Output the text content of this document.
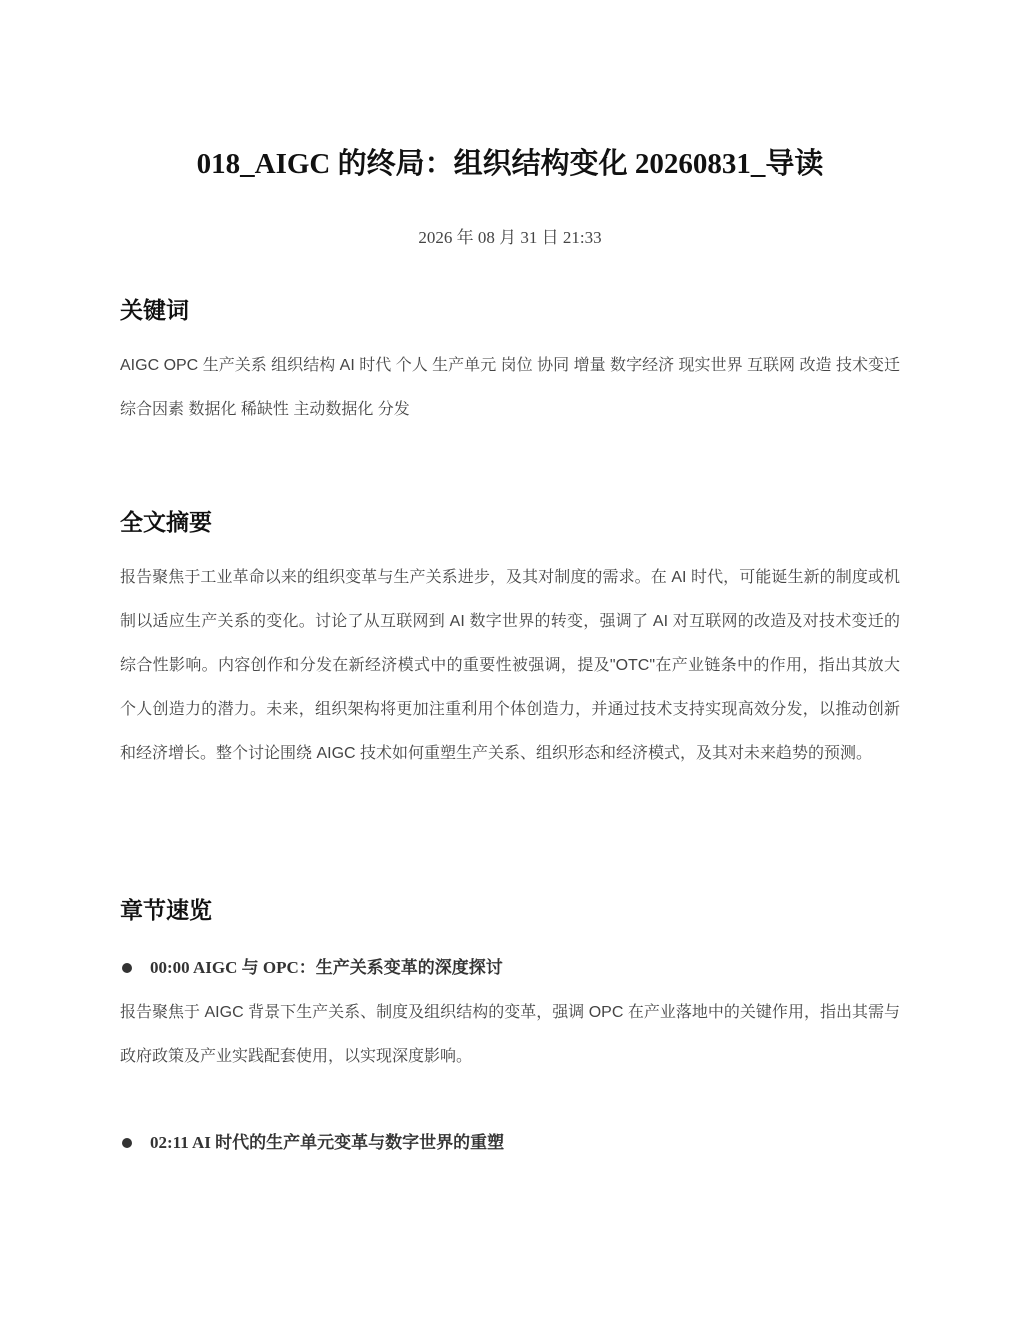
018_AIGC 的终局：组织结构变化 20260831_导读
2026 年 08 月 31 日 21:33
关键词

AIGC OPC 生产关系 组织结构 AI 时代 个人 生产单元 岗位 协同 增量 数字经济 现实世界 互联网 改造 技术变迁 综合因素 数据化 稀缺性 主动数据化 分发

全文摘要

报告聚焦于工业革命以来的组织变革与生产关系进步，及其对制度的需求。在 AI 时代，可能诞生新的制度或机制以适应生产关系的变化。讨论了从互联网到 AI 数字世界的转变，强调了 AI 对互联网的改造及对技术变迁的综合性影响。内容创作和分发在新经济模式中的重要性被强调，提及"OTC"在产业链条中的作用，指出其放大个人创造力的潜力。未来，组织架构将更加注重利用个体创造力，并通过技术支持实现高效分发，以推动创新和经济增长。整个讨论围绕 AIGC 技术如何重塑生产关系、组织形态和经济模式，及其对未来趋势的预测。

章节速览
00:00 AIGC 与 OPC：生产关系变革的深度探讨

报告聚焦于 AIGC 背景下生产关系、制度及组织结构的变革，强调 OPC 在产业落地中的关键作用，指出其需与政府政策及产业实践配套使用，以实现深度影响。

02:11 AI 时代的生产单元变革与数字世界的重塑
